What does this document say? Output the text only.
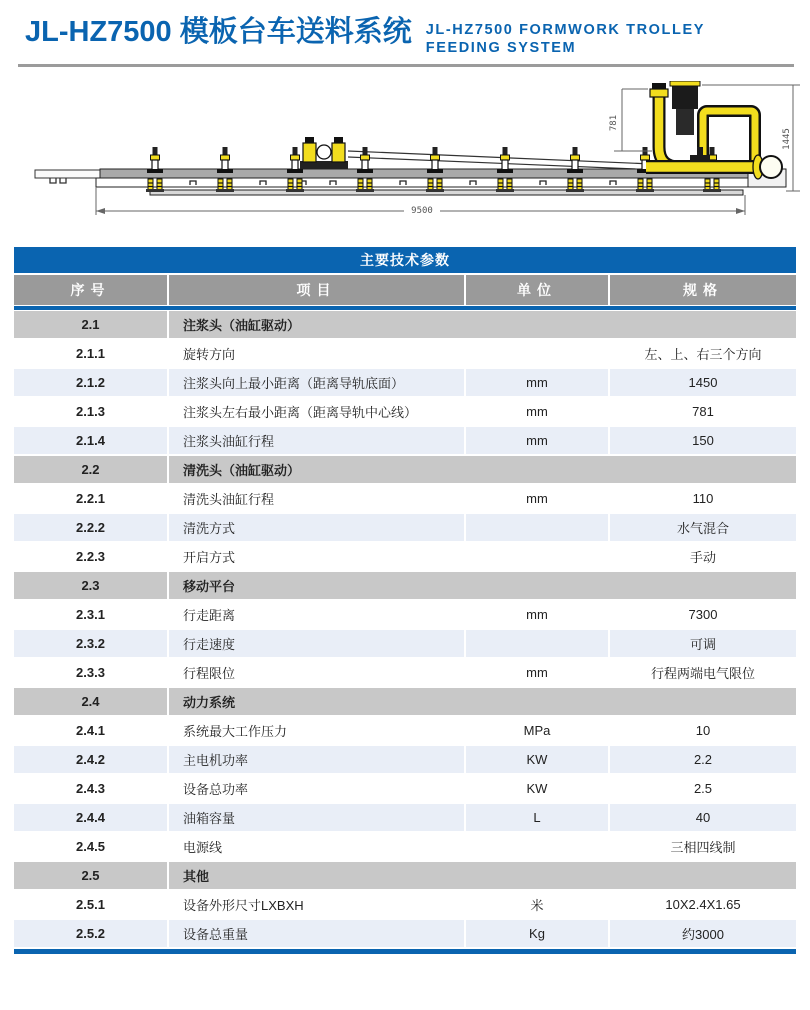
JL-HZ7500 模板台车送料系统 JL-HZ7500 FORMWORK TROLLEY
FEEDING SYSTEM
781
1445
9500
主要技术参数
序号	项目	单位	规格

2.1	注浆头（油缸驱动）		
2.1.1	旋转方向		左、上、右三个方向
2.1.2	注浆头向上最小距离（距离导轨底面）	mm	1450
2.1.3	注浆头左右最小距离（距离导轨中心线）	mm	781
2.1.4	注浆头油缸行程	mm	150
2.2	清洗头（油缸驱动）		
2.2.1	清洗头油缸行程	mm	110
2.2.2	清洗方式		水气混合
2.2.3	开启方式		手动
2.3	移动平台		
2.3.1	行走距离	mm	7300
2.3.2	行走速度		可调
2.3.3	行程限位	mm	行程两端电气限位
2.4	动力系统		
2.4.1	系统最大工作压力	MPa	10
2.4.2	主电机功率	KW	2.2
2.4.3	设备总功率	KW	2.5
2.4.4	油箱容量	L	40
2.4.5	电源线		三相四线制
2.5	其他		
2.5.1	设备外形尺寸LXBXH	米	10X2.4X1.65
2.5.2	设备总重量	Kg	约3000
